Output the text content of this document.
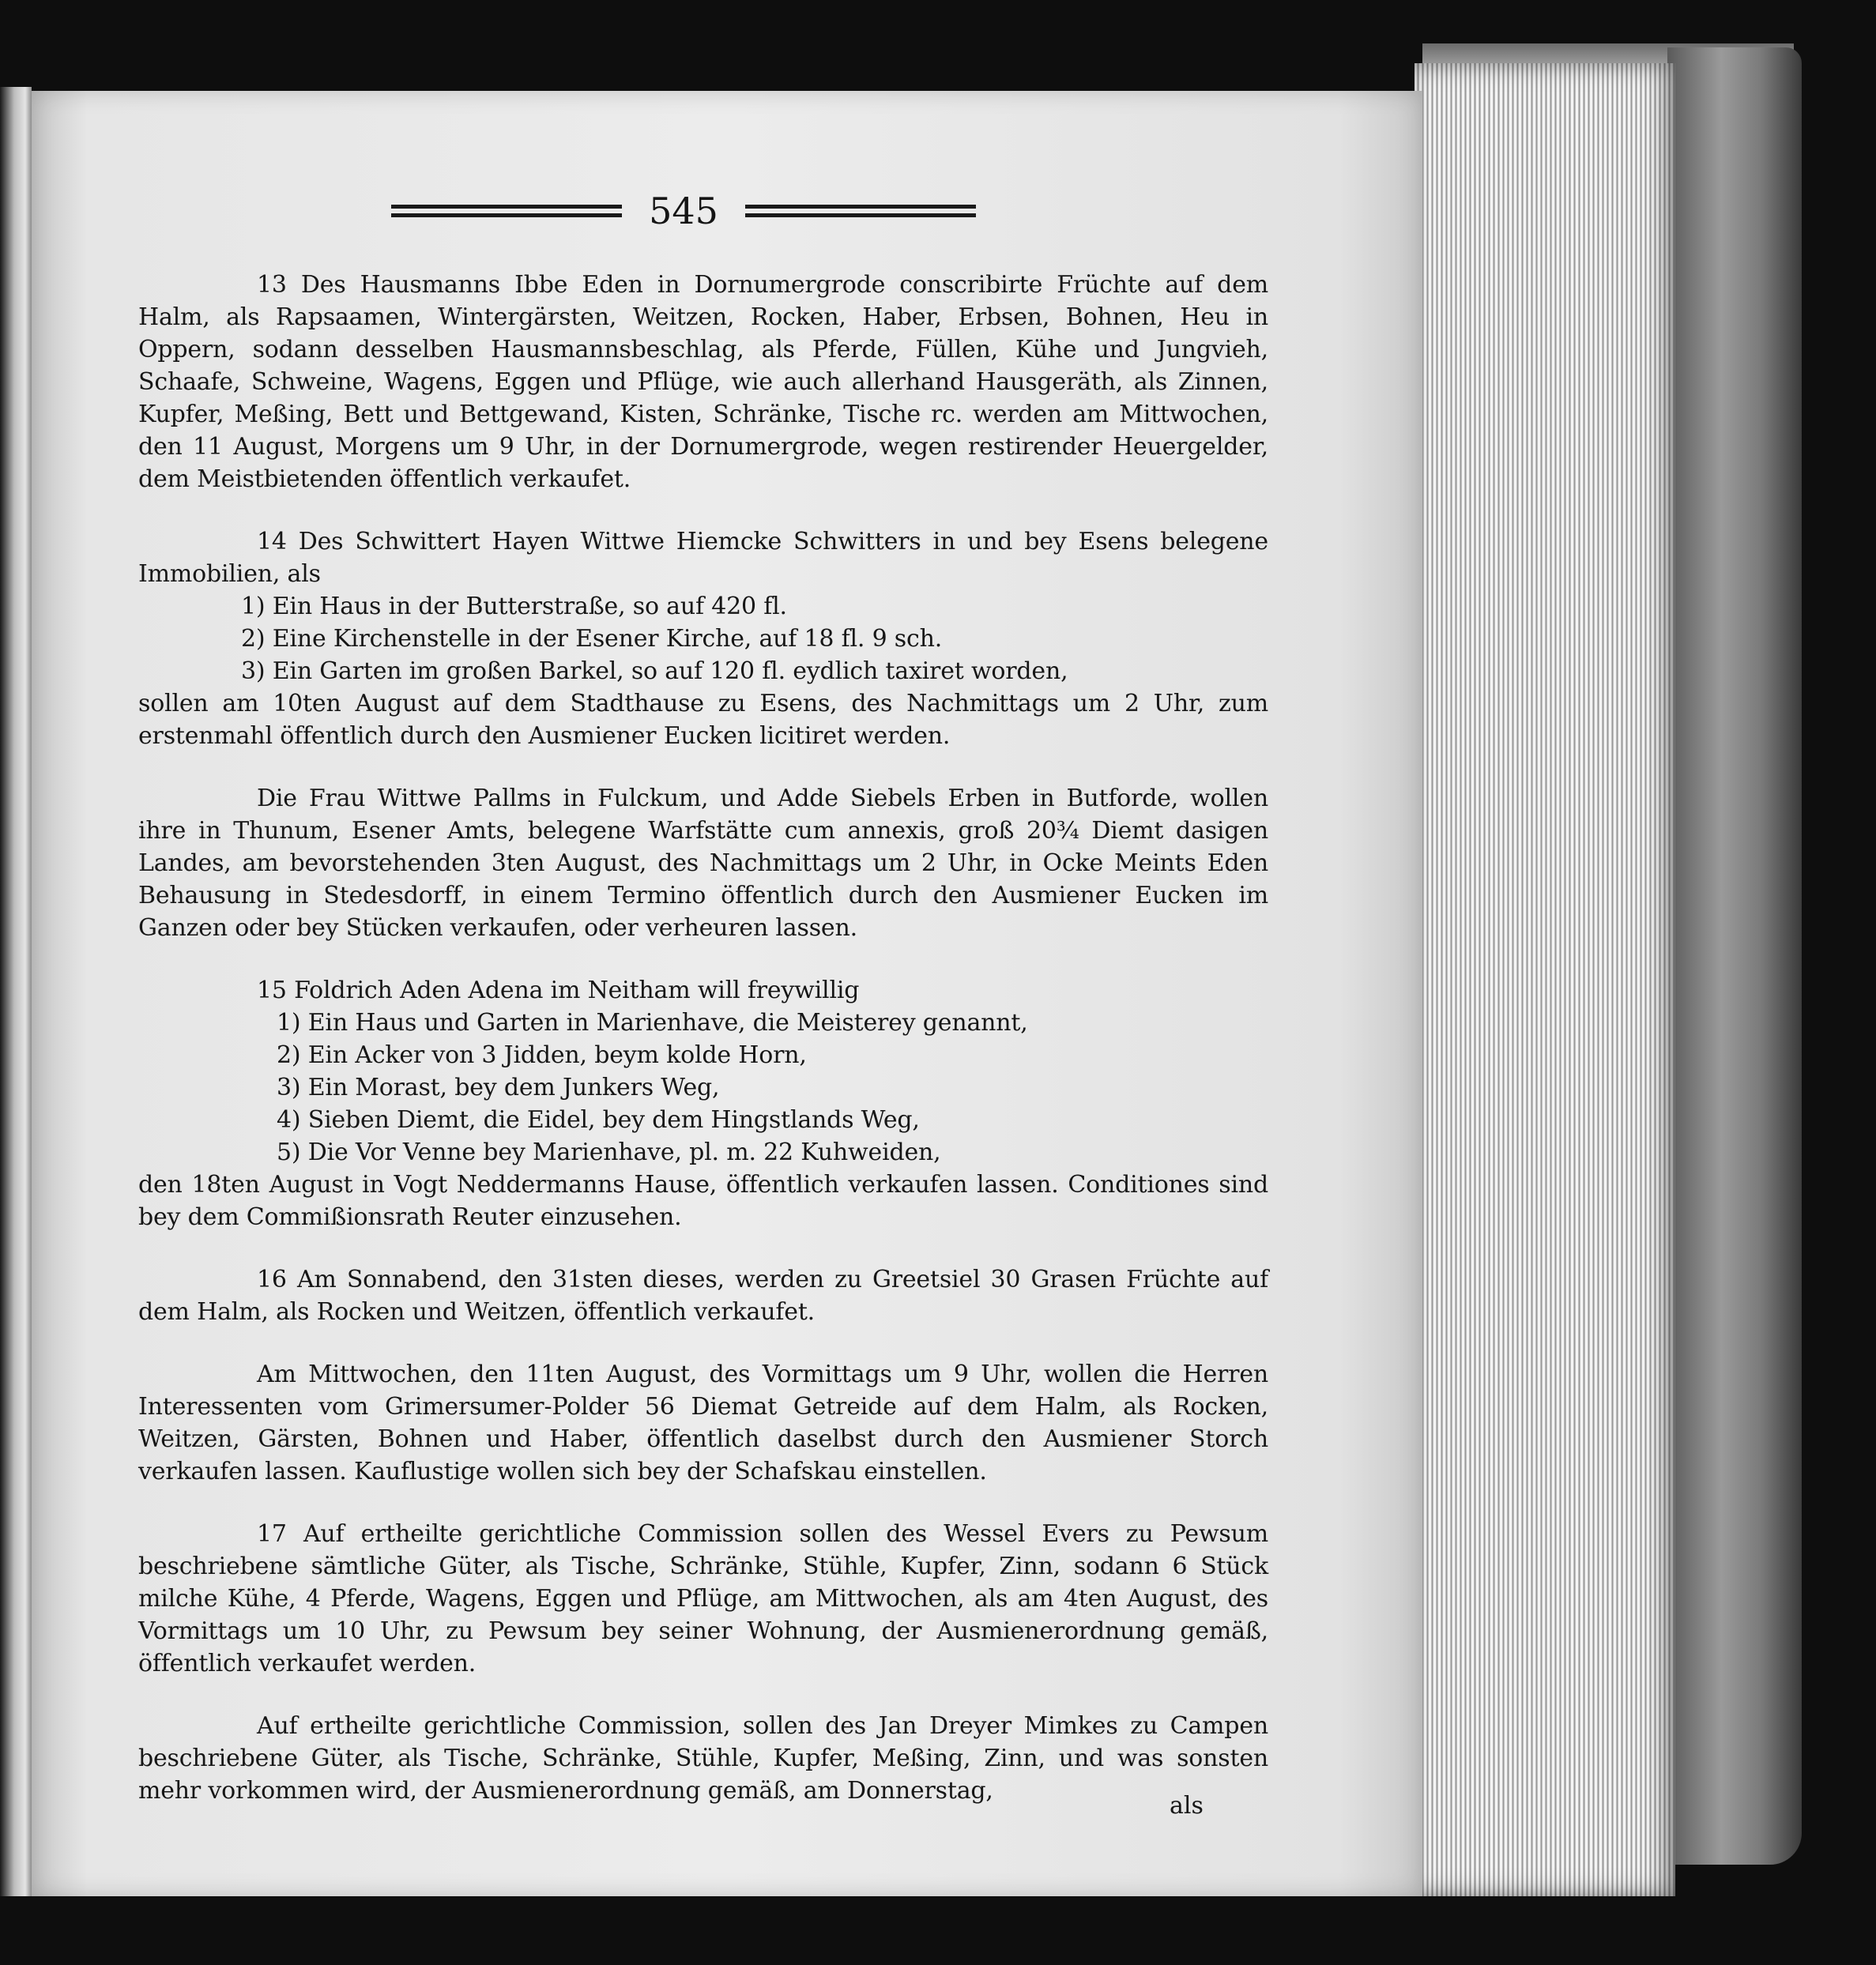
545

13 Des Hausmanns Ibbe Eden in Dornumergrode conscribirte Früchte auf dem Halm, als Rapsaamen, Wintergärsten, Weitzen, Rocken, Haber, Erbsen, Bohnen, Heu in Oppern, sodann desselben Hausmannsbeschlag, als Pferde, Füllen, Kühe und Jungvieh, Schaafe, Schweine, Wagens, Eggen und Pflüge, wie auch allerhand Hausgeräth, als Zinnen, Kupfer, Meßing, Bett und Bettgewand, Kisten, Schränke, Tische rc. werden am Mittwochen, den 11 August, Morgens um 9 Uhr, in der Dornumergrode, wegen restirender Heuergelder, dem Meistbietenden öffentlich verkaufet.

14 Des Schwittert Hayen Wittwe Hiemcke Schwitters in und bey Esens belegene Immobilien, als

1) Ein Haus in der Butterstraße, so auf 420 fl.
2) Eine Kirchenstelle in der Esener Kirche, auf 18 fl. 9 sch.
3) Ein Garten im großen Barkel, so auf 120 fl. eydlich taxiret worden,

sollen am 10ten August auf dem Stadthause zu Esens, des Nachmittags um 2 Uhr, zum erstenmahl öffentlich durch den Ausmiener Eucken licitiret werden.

Die Frau Wittwe Pallms in Fulckum, und Adde Siebels Erben in Butforde, wollen ihre in Thunum, Esener Amts, belegene Warfstätte cum annexis, groß 20¾ Diemt dasigen Landes, am bevorstehenden 3ten August, des Nachmittags um 2 Uhr, in Ocke Meints Eden Behausung in Stedesdorff, in einem Termino öffentlich durch den Ausmiener Eucken im Ganzen oder bey Stücken verkaufen, oder verheuren lassen.

15 Foldrich Aden Adena im Neitham will freywillig

1) Ein Haus und Garten in Marienhave, die Meisterey genannt,
2) Ein Acker von 3 Jidden, beym kolde Horn,
3) Ein Morast, bey dem Junkers Weg,
4) Sieben Diemt, die Eidel, bey dem Hingstlands Weg,
5) Die Vor Venne bey Marienhave, pl. m. 22 Kuhweiden,

den 18ten August in Vogt Neddermanns Hause, öffentlich verkaufen lassen. Conditiones sind bey dem Commißionsrath Reuter einzusehen.

16 Am Sonnabend, den 31sten dieses, werden zu Greetsiel 30 Grasen Früchte auf dem Halm, als Rocken und Weitzen, öffentlich verkaufet.

Am Mittwochen, den 11ten August, des Vormittags um 9 Uhr, wollen die Herren Interessenten vom Grimersumer-Polder 56 Diemat Getreide auf dem Halm, als Rocken, Weitzen, Gärsten, Bohnen und Haber, öffentlich daselbst durch den Ausmiener Storch verkaufen lassen. Kauflustige wollen sich bey der Schafskau einstellen.

17 Auf ertheilte gerichtliche Commission sollen des Wessel Evers zu Pewsum beschriebene sämtliche Güter, als Tische, Schränke, Stühle, Kupfer, Zinn, sodann 6 Stück milche Kühe, 4 Pferde, Wagens, Eggen und Pflüge, am Mittwochen, als am 4ten August, des Vormittags um 10 Uhr, zu Pewsum bey seiner Wohnung, der Ausmienerordnung gemäß, öffentlich verkaufet werden.

Auf ertheilte gerichtliche Commission, sollen des Jan Dreyer Mimkes zu Campen beschriebene Güter, als Tische, Schränke, Stühle, Kupfer, Meßing, Zinn, und was sonsten mehr vorkommen wird, der Ausmienerordnung gemäß, am Donnerstag,

als
